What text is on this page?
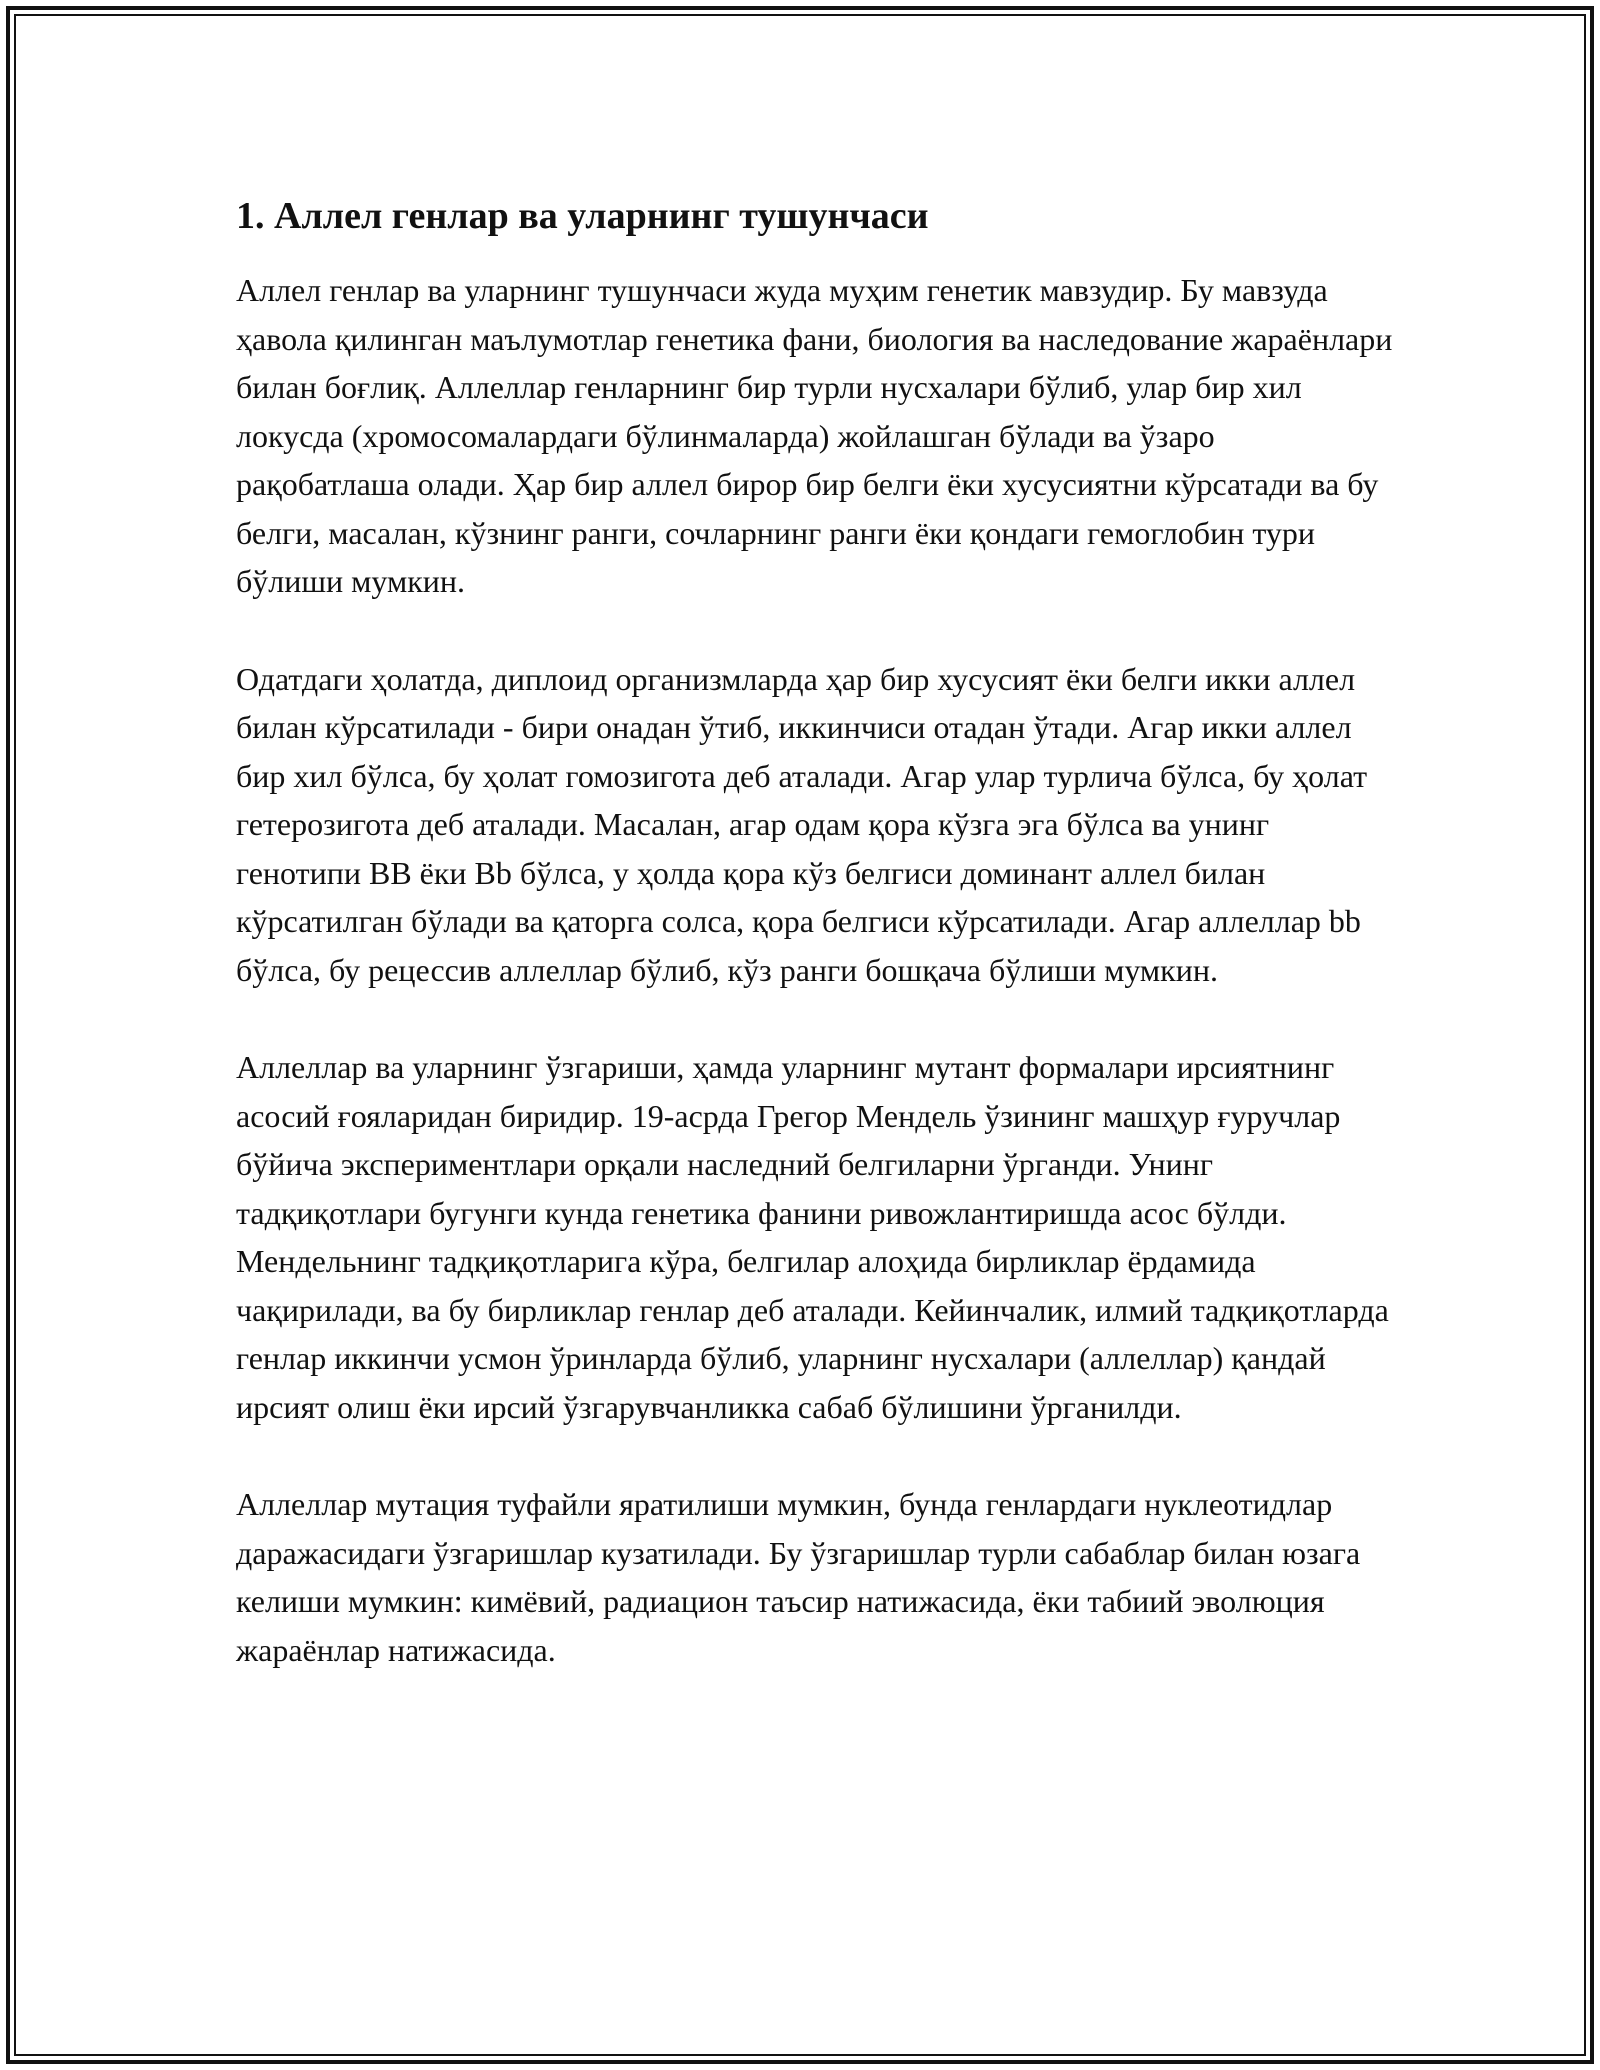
1. Аллел генлар ва уларнинг тушунчаси

Аллел генлар ва уларнинг тушунчаси жуда муҳим генетик мавзудир. Бу мавзуда ҳавола қилинган маълумотлар генетика фани, биология ва наследование жараёнлари билан боғлиқ. Аллеллар генларнинг бир турли нусхалари бўлиб, улар бир хил локусда (хромосомалардаги бўлинмаларда) жойлашган бўлади ва ўзаро рақобатлаша олади. Ҳар бир аллел бирор бир белги ёки хусусиятни кўрсатади ва бу белги, масалан, кўзнинг ранги, сочларнинг ранги ёки қондаги гемоглобин тури бўлиши мумкин.

Одатдаги ҳолатда, диплоид организмларда ҳар бир хусусият ёки белги икки аллел билан кўрсатилади - бири онадан ўтиб, иккинчиси отадан ўтади. Агар икки аллел бир хил бўлса, бу ҳолат гомозигота деб аталади. Агар улар турлича бўлса, бу ҳолат гетерозигота деб аталади. Масалан, агар одам қора кўзга эга бўлса ва унинг генотипи BB ёки Bb бўлса, у ҳолда қора кўз белгиси доминант аллел билан кўрсатилган бўлади ва қаторга солса, қора белгиси кўрсатилади. Агар аллеллар bb бўлса, бу рецессив аллеллар бўлиб, кўз ранги бошқача бўлиши мумкин.

Аллеллар ва уларнинг ўзгариши, ҳамда уларнинг мутант формалари ирсиятнинг асосий ғояларидан биридир. 19-асрда Грегор Мендель ўзининг машҳур ғуручлар бўйича экспериментлари орқали наследний белгиларни ўрганди. Унинг тадқиқотлари бугунги кунда генетика фанини ривожлантиришда асос бўлди. Мендельнинг тадқиқотларига кўра, белгилар алоҳида бирликлар ёрдамида чақирилади, ва бу бирликлар генлар деб аталади. Кейинчалик, илмий тадқиқотларда генлар иккинчи усмон ўринларда бўлиб, уларнинг нусхалари (аллеллар) қандай ирсият олиш ёки ирсий ўзгарувчанликка сабаб бўлишини ўрганилди.

Аллеллар мутация туфайли яратилиши мумкин, бунда генлардаги нуклеотидлар даражасидаги ўзгаришлар кузатилади. Бу ўзгаришлар турли сабаблар билан юзага келиши мумкин: кимёвий, радиацион таъсир натижасида, ёки табиий эволюция жараёнлар натижасида.
